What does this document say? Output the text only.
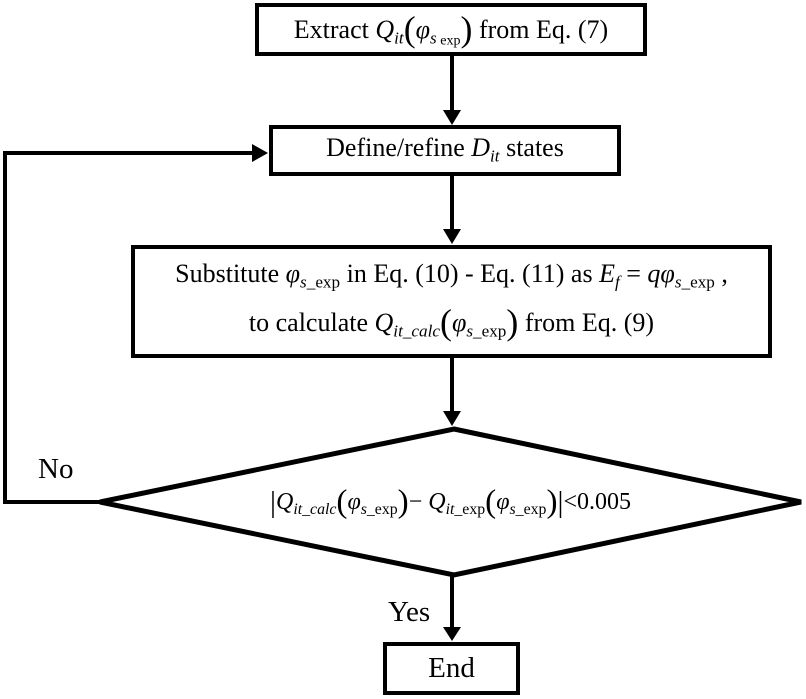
Extract $Q_{it}(\varphi_s$ $_{exp}$) from Eq. (7)
Define/refine $D_{it}$ states
Substitute $\varphi_{s\_exp}$ in Eq. (10) - Eq. (11) as $E_f = q\varphi_{s\_exp}$ ,
to calculate $Q_{it\_calc}(\varphi_{s\_exp})$ from Eq. (9)
$|Q_{it\_calc}(\varphi_{s\_exp})- Q_{it\_exp}(\varphi_{s\_exp})|<0.005$
No
Yes
End
